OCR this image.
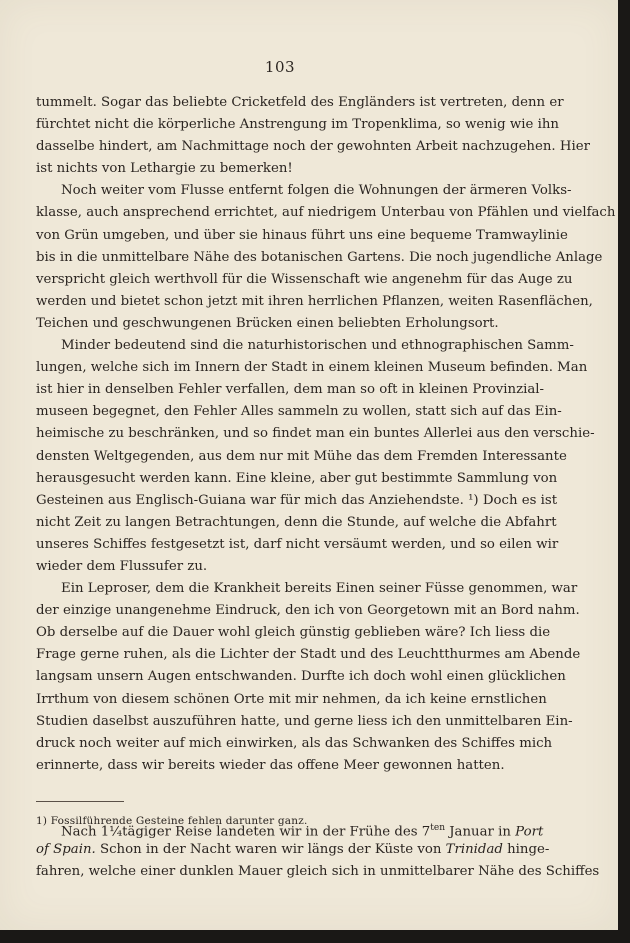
103
tummelt. Sogar das beliebte Cricketfeld des Engländers ist vertreten, denn er
fürchtet nicht die körperliche Anstrengung im Tropenklima, so wenig wie ihn
dasselbe hindert, am Nachmittage noch der gewohnten Arbeit nachzugehen. Hier
ist nichts von Lethargie zu bemerken!
Noch weiter vom Flusse entfernt folgen die Wohnungen der ärmeren Volks-
klasse, auch ansprechend errichtet, auf niedrigem Unterbau von Pfählen und vielfach
von Grün umgeben, und über sie hinaus führt uns eine bequeme Tramwaylinie
bis in die unmittelbare Nähe des botanischen Gartens. Die noch jugendliche Anlage
verspricht gleich werthvoll für die Wissenschaft wie angenehm für das Auge zu
werden und bietet schon jetzt mit ihren herrlichen Pflanzen, weiten Rasenflächen,
Teichen und geschwungenen Brücken einen beliebten Erholungsort.
Minder bedeutend sind die naturhistorischen und ethnographischen Samm-
lungen, welche sich im Innern der Stadt in einem kleinen Museum befinden. Man
ist hier in denselben Fehler verfallen, dem man so oft in kleinen Provinzial-
museen begegnet, den Fehler Alles sammeln zu wollen, statt sich auf das Ein-
heimische zu beschränken, und so findet man ein buntes Allerlei aus den verschie-
densten Weltgegenden, aus dem nur mit Mühe das dem Fremden Interessante
herausgesucht werden kann. Eine kleine, aber gut bestimmte Sammlung von
Gesteinen aus Englisch-Guiana war für mich das Anziehendste. ¹) Doch es ist
nicht Zeit zu langen Betrachtungen, denn die Stunde, auf welche die Abfahrt
unseres Schiffes festgesetzt ist, darf nicht versäumt werden, und so eilen wir
wieder dem Flussufer zu.
Ein Leproser, dem die Krankheit bereits Einen seiner Füsse genommen, war
der einzige unangenehme Eindruck, den ich von Georgetown mit an Bord nahm.
Ob derselbe auf die Dauer wohl gleich günstig geblieben wäre? Ich liess die
Frage gerne ruhen, als die Lichter der Stadt und des Leuchtthurmes am Abende
langsam unsern Augen entschwanden. Durfte ich doch wohl einen glücklichen
Irrthum von diesem schönen Orte mit mir nehmen, da ich keine ernstlichen
Studien daselbst auszuführen hatte, und gerne liess ich den unmittelbaren Ein-
druck noch weiter auf mich einwirken, als das Schwanken des Schiffes mich
erinnerte, dass wir bereits wieder das offene Meer gewonnen hatten.
Nach 1¼tägiger Reise landeten wir in der Frühe des $7^{ten}$ Januar in Port
of Spain. Schon in der Nacht waren wir längs der Küste von Trinidad hinge-
fahren, welche einer dunklen Mauer gleich sich in unmittelbarer Nähe des Schiffes
1) Fossilführende Gesteine fehlen darunter ganz.
